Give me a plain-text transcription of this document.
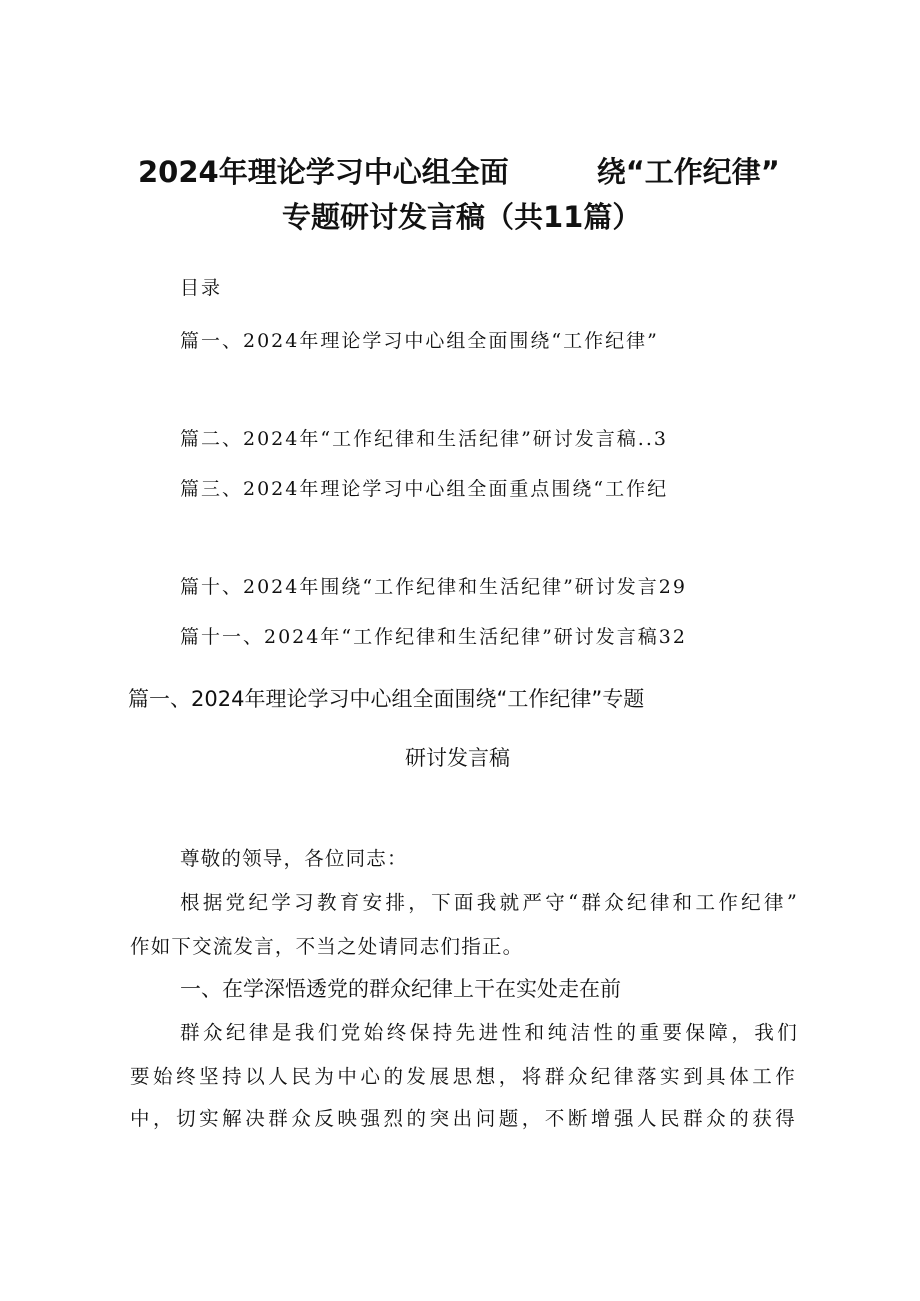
2024年理论学习中心组全面	绕“工作纪律”
专题研讨发言稿（共11篇）
目录
篇一、2024年理论学习中心组全面围绕“工作纪律”
篇二、2024年“工作纪律和生活纪律”研讨发言稿..3
篇三、2024年理论学习中心组全面重点围绕“工作纪
篇十、2024年围绕“工作纪律和生活纪律”研讨发言29
篇十一、2024年“工作纪律和生活纪律”研讨发言稿32
篇一、2024年理论学习中心组全面围绕“工作纪律”专题
研讨发言稿
尊敬的领导，各位同志：
根据党纪学习教育安排，下面我就严守“群众纪律和工作纪律”
作如下交流发言，不当之处请同志们指正。
一、在学深悟透党的群众纪律上干在实处走在前
群众纪律是我们党始终保持先进性和纯洁性的重要保障，我们
要始终坚持以人民为中心的发展思想，将群众纪律落实到具体工作
中，切实解决群众反映强烈的突出问题，不断增强人民群众的获得
